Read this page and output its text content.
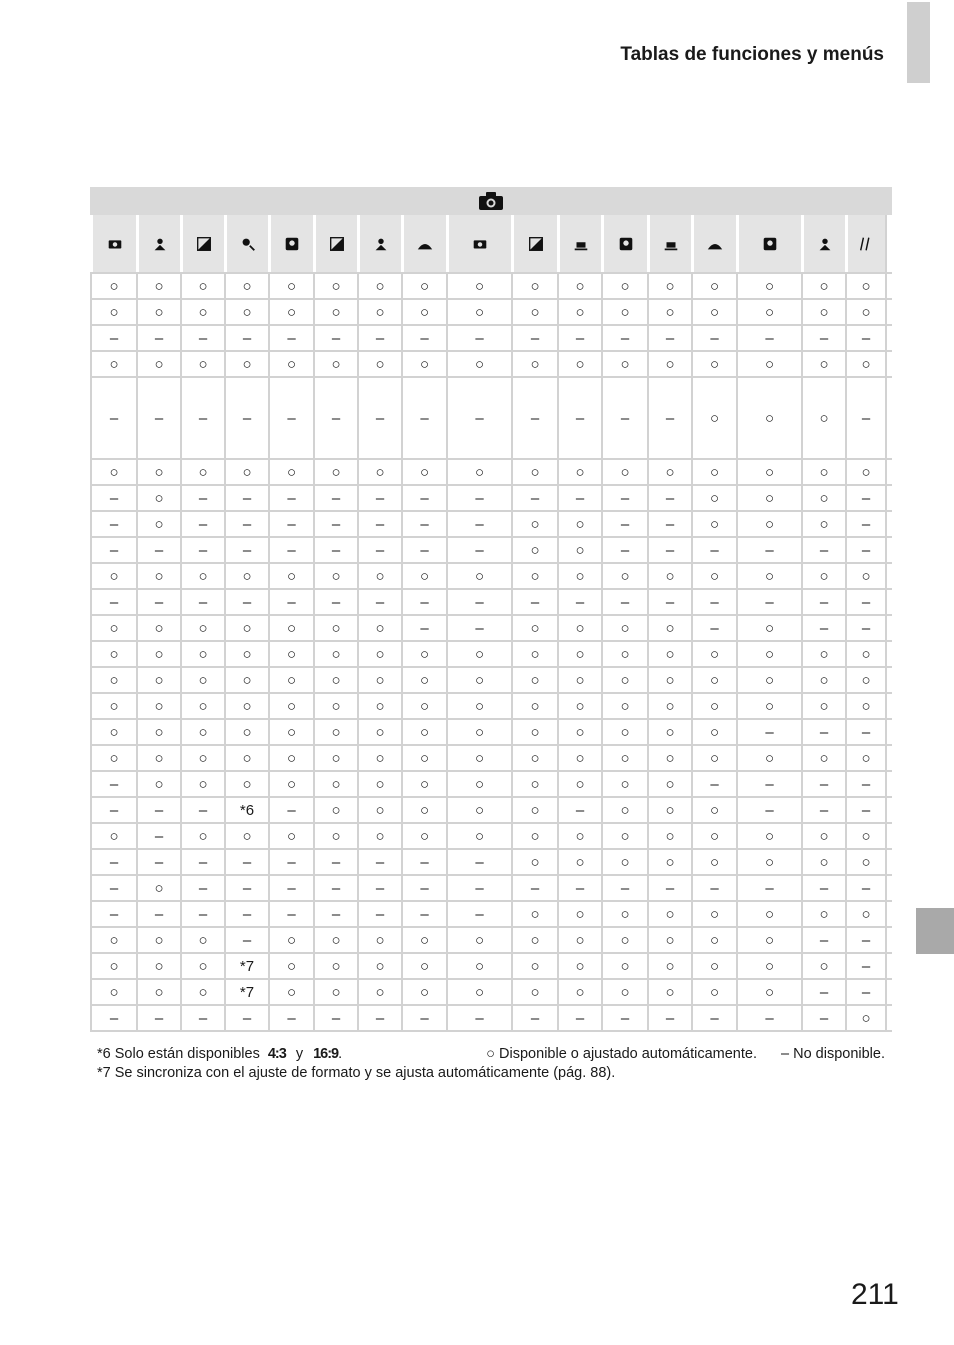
Tablas de funciones y menús
○	○	○	○	○	○	○	○	○	○	○	○	○	○	○	○	○
○	○	○	○	○	○	○	○	○	○	○	○	○	○	○	○	○
–	–	–	–	–	–	–	–	–	–	–	–	–	–	–	–	–
○	○	○	○	○	○	○	○	○	○	○	○	○	○	○	○	○
–	–	–	–	–	–	–	–	–	–	–	–	–	○	○	○	–
○	○	○	○	○	○	○	○	○	○	○	○	○	○	○	○	○
–	○	–	–	–	–	–	–	–	–	–	–	–	○	○	○	–
–	○	–	–	–	–	–	–	–	○	○	–	–	○	○	○	–
–	–	–	–	–	–	–	–	–	○	○	–	–	–	–	–	–
○	○	○	○	○	○	○	○	○	○	○	○	○	○	○	○	○
–	–	–	–	–	–	–	–	–	–	–	–	–	–	–	–	–
○	○	○	○	○	○	○	–	–	○	○	○	○	–	○	–	–
○	○	○	○	○	○	○	○	○	○	○	○	○	○	○	○	○
○	○	○	○	○	○	○	○	○	○	○	○	○	○	○	○	○
○	○	○	○	○	○	○	○	○	○	○	○	○	○	○	○	○
○	○	○	○	○	○	○	○	○	○	○	○	○	○	–	–	–
○	○	○	○	○	○	○	○	○	○	○	○	○	○	○	○	○
–	○	○	○	○	○	○	○	○	○	○	○	○	–	–	–	–
–	–	–	*6	–	○	○	○	○	○	–	○	○	○	–	–	–
○	–	○	○	○	○	○	○	○	○	○	○	○	○	○	○	○
–	–	–	–	–	–	–	–	–	○	○	○	○	○	○	○	○
–	○	–	–	–	–	–	–	–	–	–	–	–	–	–	–	–
–	–	–	–	–	–	–	–	–	○	○	○	○	○	○	○	○
○	○	○	–	○	○	○	○	○	○	○	○	○	○	○	–	–
○	○	○	*7	○	○	○	○	○	○	○	○	○	○	○	○	–
○	○	○	*7	○	○	○	○	○	○	○	○	○	○	○	–	–
–	–	–	–	–	–	–	–	–	–	–	–	–	–	–	–	○
*6 Solo están disponibles 4:3 y 16:9 .	○ Disponible o ajustado automáticamente.	– No disponible.
*7 Se sincroniza con el ajuste de formato y se ajusta automáticamente (pág. 88).
211
